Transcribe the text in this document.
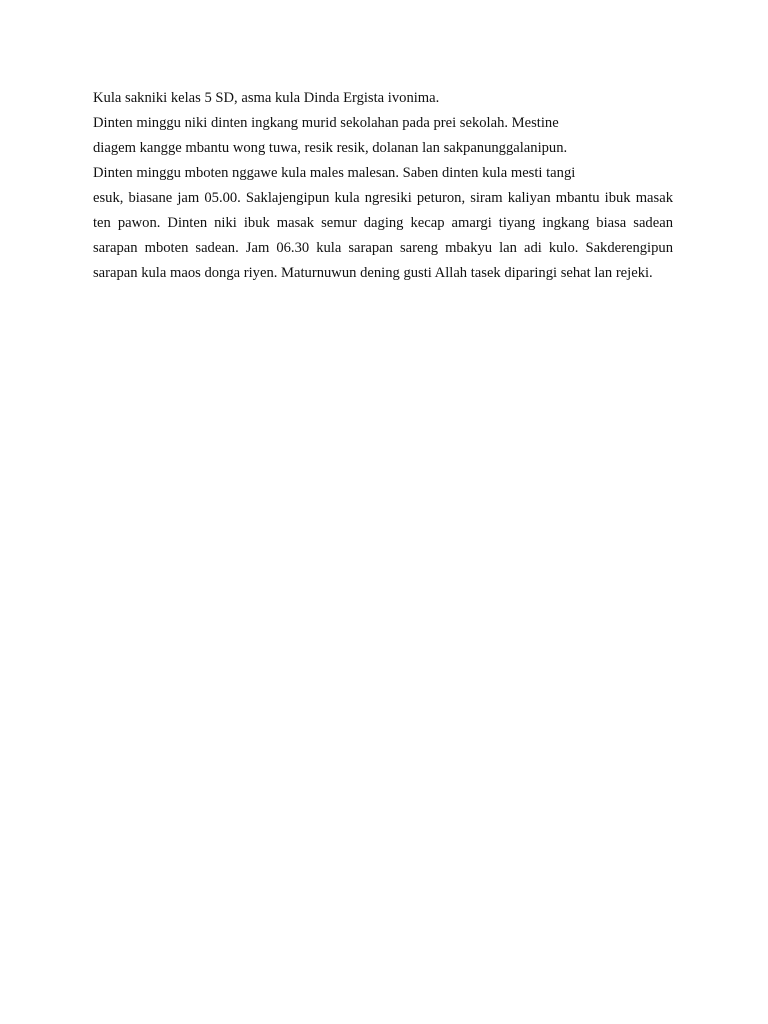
Kula sakniki kelas 5 SD, asma kula Dinda Ergista ivonima.
Dinten minggu niki dinten ingkang murid sekolahan pada prei sekolah. Mestine
diagem kangge mbantu wong tuwa, resik resik, dolanan lan sakpanunggalanipun.
Dinten minggu mboten nggawe kula males malesan. Saben dinten kula mesti tangi

esuk, biasane jam 05.00. Saklajengipun kula ngresiki peturon, siram kaliyan mbantu ibuk masak ten pawon. Dinten niki ibuk masak semur daging kecap amargi tiyang ingkang biasa sadean sarapan mboten sadean. Jam 06.30 kula sarapan sareng mbakyu lan adi kulo. Sakderengipun sarapan kula maos donga riyen. Maturnuwun dening gusti Allah tasek diparingi sehat lan rejeki.
